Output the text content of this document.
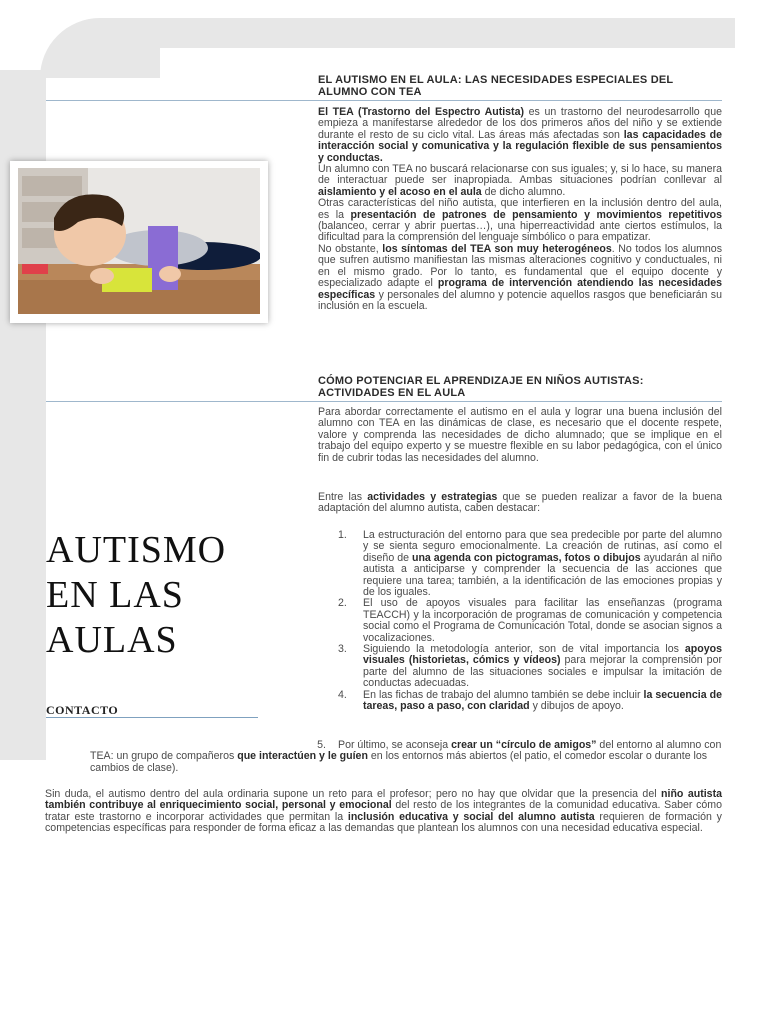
EL AUTISMO EN EL AULA: LAS NECESIDADES ESPECIALES DEL ALUMNO CON TEA
El TEA (Trastorno del Espectro Autista) es un trastorno del neurodesarrollo que empieza a manifestarse alrededor de los dos primeros años del niño y se extiende durante el resto de su ciclo vital. Las áreas más afectadas son las capacidades de interacción social y comunicativa y la regulación flexible de sus pensamientos y conductas.
Un alumno con TEA no buscará relacionarse con sus iguales; y, si lo hace, su manera de interactuar puede ser inapropiada. Ambas situaciones podrían conllevar al aislamiento y el acoso en el aula de dicho alumno.
Otras características del niño autista, que interfieren en la inclusión dentro del aula, es la presentación de patrones de pensamiento y movimientos repetitivos (balanceo, cerrar y abrir puertas…), una hiperreactividad ante ciertos estímulos, la dificultad para la comprensión del lenguaje simbólico o para empatizar.
No obstante, los síntomas del TEA son muy heterogéneos. No todos los alumnos que sufren autismo manifiestan las mismas alteraciones cognitivo y conductuales, ni en el mismo grado. Por lo tanto, es fundamental que el equipo docente y especializado adapte el programa de intervención atendiendo las necesidades específicas y personales del alumno y potencie aquellos rasgos que beneficiarán su inclusión en la escuela.
CÓMO POTENCIAR EL APRENDIZAJE EN NIÑOS AUTISTAS: ACTIVIDADES EN EL AULA
Para abordar correctamente el autismo en el aula y lograr una buena inclusión del alumno con TEA en las dinámicas de clase, es necesario que el docente respete, valore y comprenda las necesidades de dicho alumnado; que se implique en el trabajo del equipo experto y se muestre flexible en su labor pedagógica, con el único fin de cubrir todas las necesidades del alumno.
Entre las actividades y estrategias que se pueden realizar a favor de la buena adaptación del alumno autista, caben destacar:
AUTISMO
EN LAS
AULAS
CONTACTO
1. La estructuración del entorno para que sea predecible por parte del alumno y se sienta seguro emocionalmente. La creación de rutinas, así como el diseño de una agenda con pictogramas, fotos o dibujos ayudarán al niño autista a anticiparse y comprender la secuencia de las acciones que requiere una tarea; también, a la identificación de las emociones propias y de los iguales.
2. El uso de apoyos visuales para facilitar las enseñanzas (programa TEACCH) y la incorporación de programas de comunicación y competencia social como el Programa de Comunicación Total, donde se asocian signos a vocalizaciones.
3. Siguiendo la metodología anterior, son de vital importancia los apoyos visuales (historietas, cómics y vídeos) para mejorar la comprensión por parte del alumno de las situaciones sociales e impulsar la imitación de conductas adecuadas.
4. En las fichas de trabajo del alumno también se debe incluir la secuencia de tareas, paso a paso, con claridad y dibujos de apoyo.
5. Por último, se aconseja crear un “círculo de amigos” del entorno al alumno con TEA: un grupo de compañeros que interactúen y le guíen en los entornos más abiertos (el patio, el comedor escolar o durante los cambios de clase).
Sin duda, el autismo dentro del aula ordinaria supone un reto para el profesor; pero no hay que olvidar que la presencia del niño autista también contribuye al enriquecimiento social, personal y emocional del resto de los integrantes de la comunidad educativa. Saber cómo tratar este trastorno e incorporar actividades que permitan la inclusión educativa y social del alumno autista requieren de formación y competencias específicas para responder de forma eficaz a las demandas que plantean los alumnos con una necesidad educativa especial.
